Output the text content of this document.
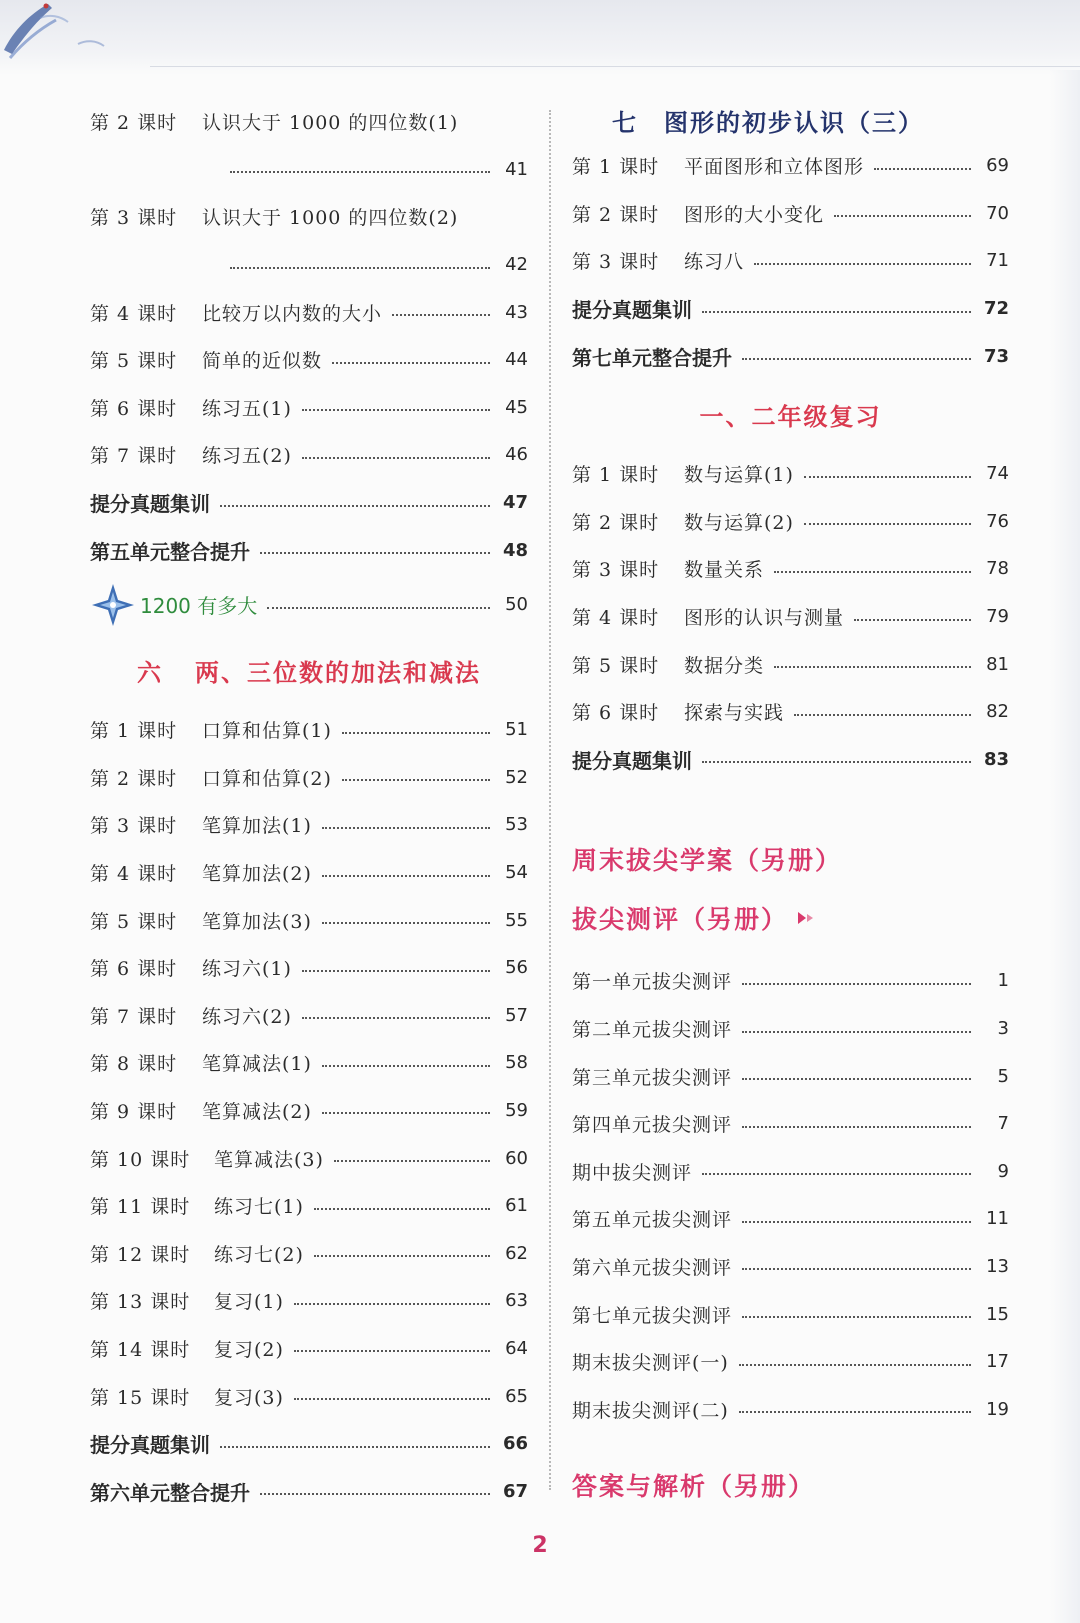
第 2 课时	认识大于 1000 的四位数(1)
41
第 3 课时	认识大于 1000 的四位数(2)
42
第 4 课时	比较万以内数的大小	43
第 5 课时	简单的近似数	44
第 6 课时	练习五(1)	45
第 7 课时	练习五(2)	46
提分真题集训	47
第五单元整合提升	48
1200 有多大	50
六 两、三位数的加法和减法
第 1 课时	口算和估算(1)	51
第 2 课时	口算和估算(2)	52
第 3 课时	笔算加法(1)	53
第 4 课时	笔算加法(2)	54
第 5 课时	笔算加法(3)	55
第 6 课时	练习六(1)	56
第 7 课时	练习六(2)	57
第 8 课时	笔算减法(1)	58
第 9 课时	笔算减法(2)	59
第 10 课时	笔算减法(3)	60
第 11 课时	练习七(1)	61
第 12 课时	练习七(2)	62
第 13 课时	复习(1)	63
第 14 课时	复习(2)	64
第 15 课时	复习(3)	65
提分真题集训	66
第六单元整合提升	67
七 图形的初步认识（三）
第 1 课时	平面图形和立体图形	69
第 2 课时	图形的大小变化	70
第 3 课时	练习八	71
提分真题集训	72
第七单元整合提升	73
一、二年级复习
第 1 课时	数与运算(1)	74
第 2 课时	数与运算(2)	76
第 3 课时	数量关系	78
第 4 课时	图形的认识与测量	79
第 5 课时	数据分类	81
第 6 课时	探索与实践	82
提分真题集训	83
周末拔尖学案（另册）
拔尖测评（另册）
第一单元拔尖测评	1
第二单元拔尖测评	3
第三单元拔尖测评	5
第四单元拔尖测评	7
期中拔尖测评	9
第五单元拔尖测评	11
第六单元拔尖测评	13
第七单元拔尖测评	15
期末拔尖测评(一)	17
期末拔尖测评(二)	19
答案与解析（另册）
2
